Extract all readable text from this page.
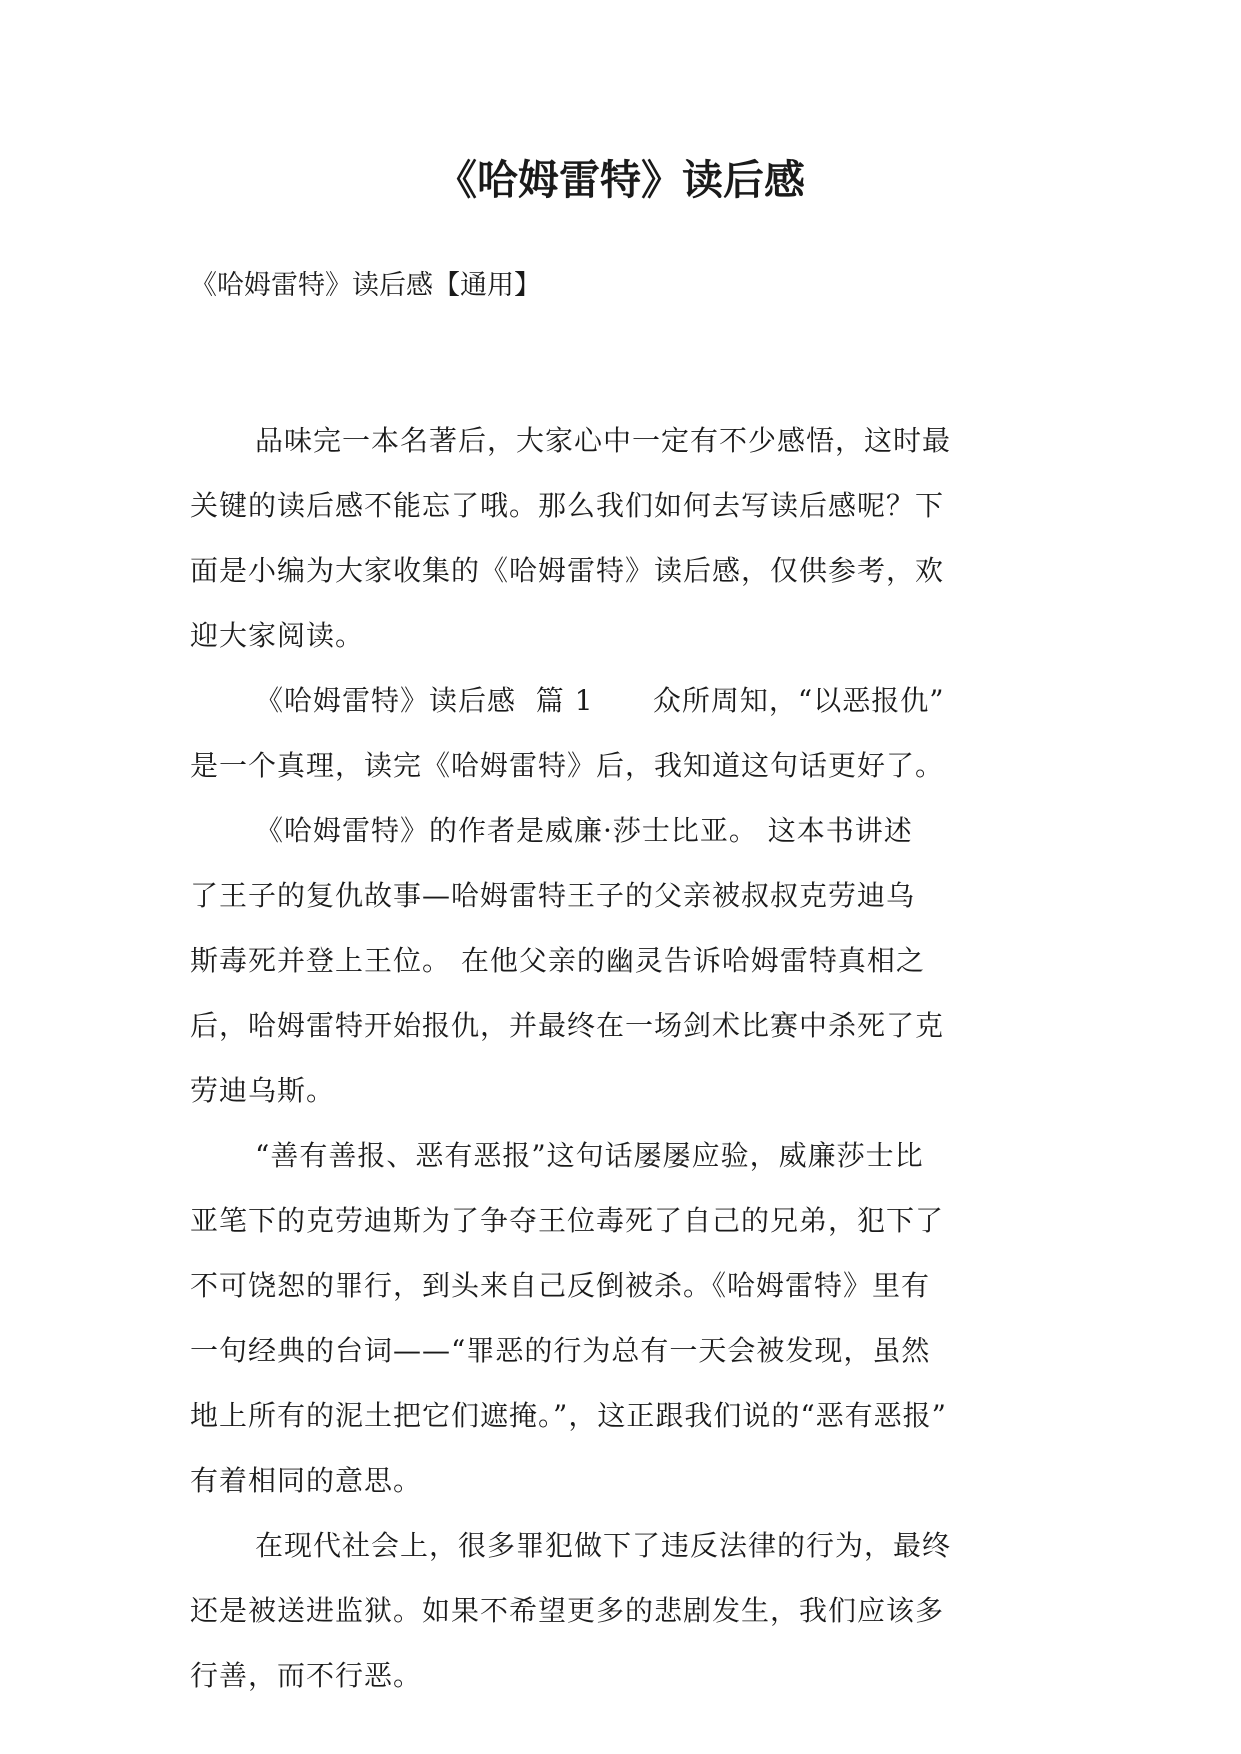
《哈姆雷特》读后感

《哈姆雷特》读后感【通用】

品味完一本名著后，大家心中一定有不少感悟，这时最
关键的读后感不能忘了哦。那么我们如何去写读后感呢？下
面是小编为大家收集的《哈姆雷特》读后感，仅供参考，欢
迎大家阅读。

《哈姆雷特》读后感  篇 1      众所周知，“以恶报仇”
是一个真理，读完《哈姆雷特》后，我知道这句话更好了。

《哈姆雷特》的作者是威廉·莎士比亚。 这本书讲述
了王子的复仇故事—哈姆雷特王子的父亲被叔叔克劳迪乌
斯毒死并登上王位。 在他父亲的幽灵告诉哈姆雷特真相之
后，哈姆雷特开始报仇，并最终在一场剑术比赛中杀死了克
劳迪乌斯。

“善有善报、恶有恶报”这句话屡屡应验，威廉莎士比
亚笔下的克劳迪斯为了争夺王位毒死了自己的兄弟，犯下了
不可饶恕的罪行，到头来自己反倒被杀。《哈姆雷特》里有
一句经典的台词——“罪恶的行为总有一天会被发现，虽然
地上所有的泥土把它们遮掩。”，这正跟我们说的“恶有恶报”
有着相同的意思。

在现代社会上，很多罪犯做下了违反法律的行为，最终
还是被送进监狱。如果不希望更多的悲剧发生，我们应该多
行善，而不行恶。
